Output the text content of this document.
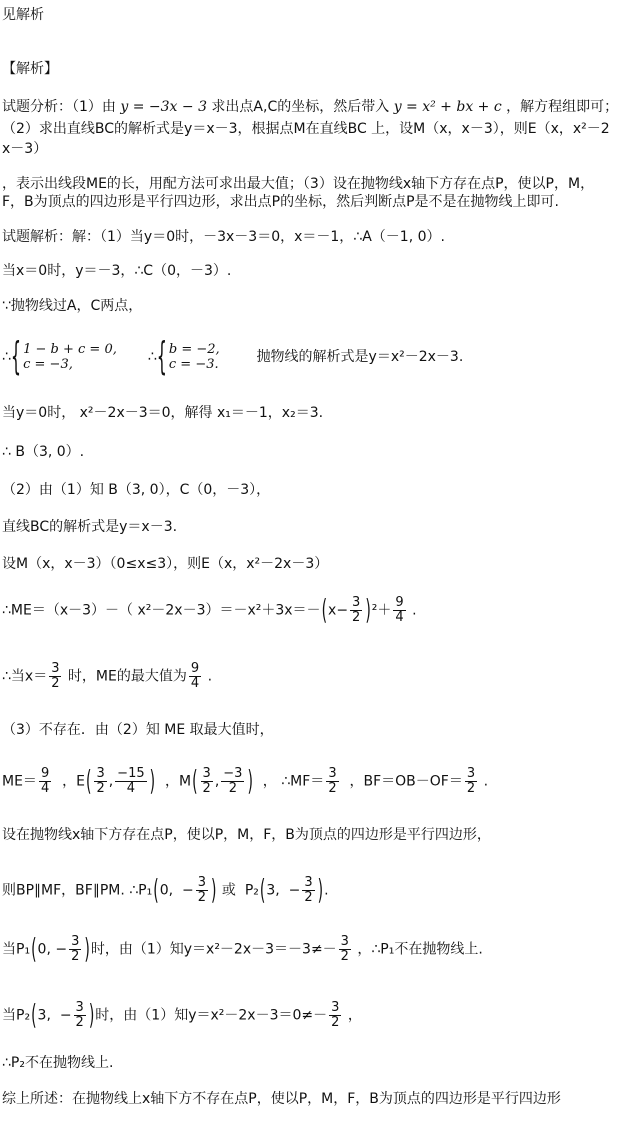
见解析
【解析】
试题分析：（1）由 y = −3x − 3 求出点A,C的坐标，然后带入 y = x² + bx + c ，解方程组即可；
（2）求出直线BC的解析式是y＝x－3，根据点M在直线BC 上，设M（x，x－3），则E（x，x²－2
x－3）
，表示出线段ME的长，用配方法可求出最大值；（3）设在抛物线x轴下方存在点P，使以P，M，
F，B为顶点的四边形是平行四边形，求出点P的坐标，然后判断点P是不是在抛物线上即可.
试题解析：解：（1）当y＝0时，－3x－3＝0，x＝－1，∴A（－1, 0）.
当x＝0时，y＝－3，∴C（0，－3）.
∵抛物线过A，C两点，
∴{ 1 − b + c = 0,
c = −3,	∴{ b = −2,
c = −3.	抛物线的解析式是y＝x²－2x－3.
当y＝0时， x²－2x－3＝0，解得 x₁＝－1，x₂＝3.
∴ B（3, 0）.
（2）由（1）知 B（3, 0），C（0，－3），
直线BC的解析式是y＝x－3.
设M（x，x－3）（0≤x≤3），则E（x，x²－2x－3）
∴ME＝（x－3）－（ $x^2-2x-3)=-x^2+3x=-(x- \frac{3}{2} )^2+ \frac{9}{4}$ .
∴当$x= \frac{3}{2}$ 时，ME的最大值为 $\frac{9}{4}$ .
（3）不存在．由（2）知 ME 取最大值时，
$ME= \frac{9}{4}$ ，$E( \frac{3}{2}$ , $\frac{-15}{4}$ )  ，$M( \frac{3}{2}$ , $\frac{-3}{2}$ )  ， ∴MF＝ $\frac{3}{2}$ ，$BF=OB-OF= \frac{3}{2}$ .
设在抛物线x轴下方存在点P，使以P，M，F，B为顶点的四边形是平行四边形，
则BP∥MF，BF∥PM. ∴P₁(0,  − $\frac{3}{2}$ ) 或  P₂(3,  − $\frac{3}{2}$ ).
当P₁(0, − $\frac{3}{2}$ )时，由（1）知$y=x^2-2x-3=-3\ne- \frac{3}{2}$ ，∴P₁不在抛物线上.
当P₂(3,  − $\frac{3}{2}$ )时，由（1）知$y=x^2-2x-3=0\ne- \frac{3}{2}$ ，
∴P₂不在抛物线上.
综上所述：在抛物线上x轴下方不存在点P，使以P，M，F，B为顶点的四边形是平行四边形
